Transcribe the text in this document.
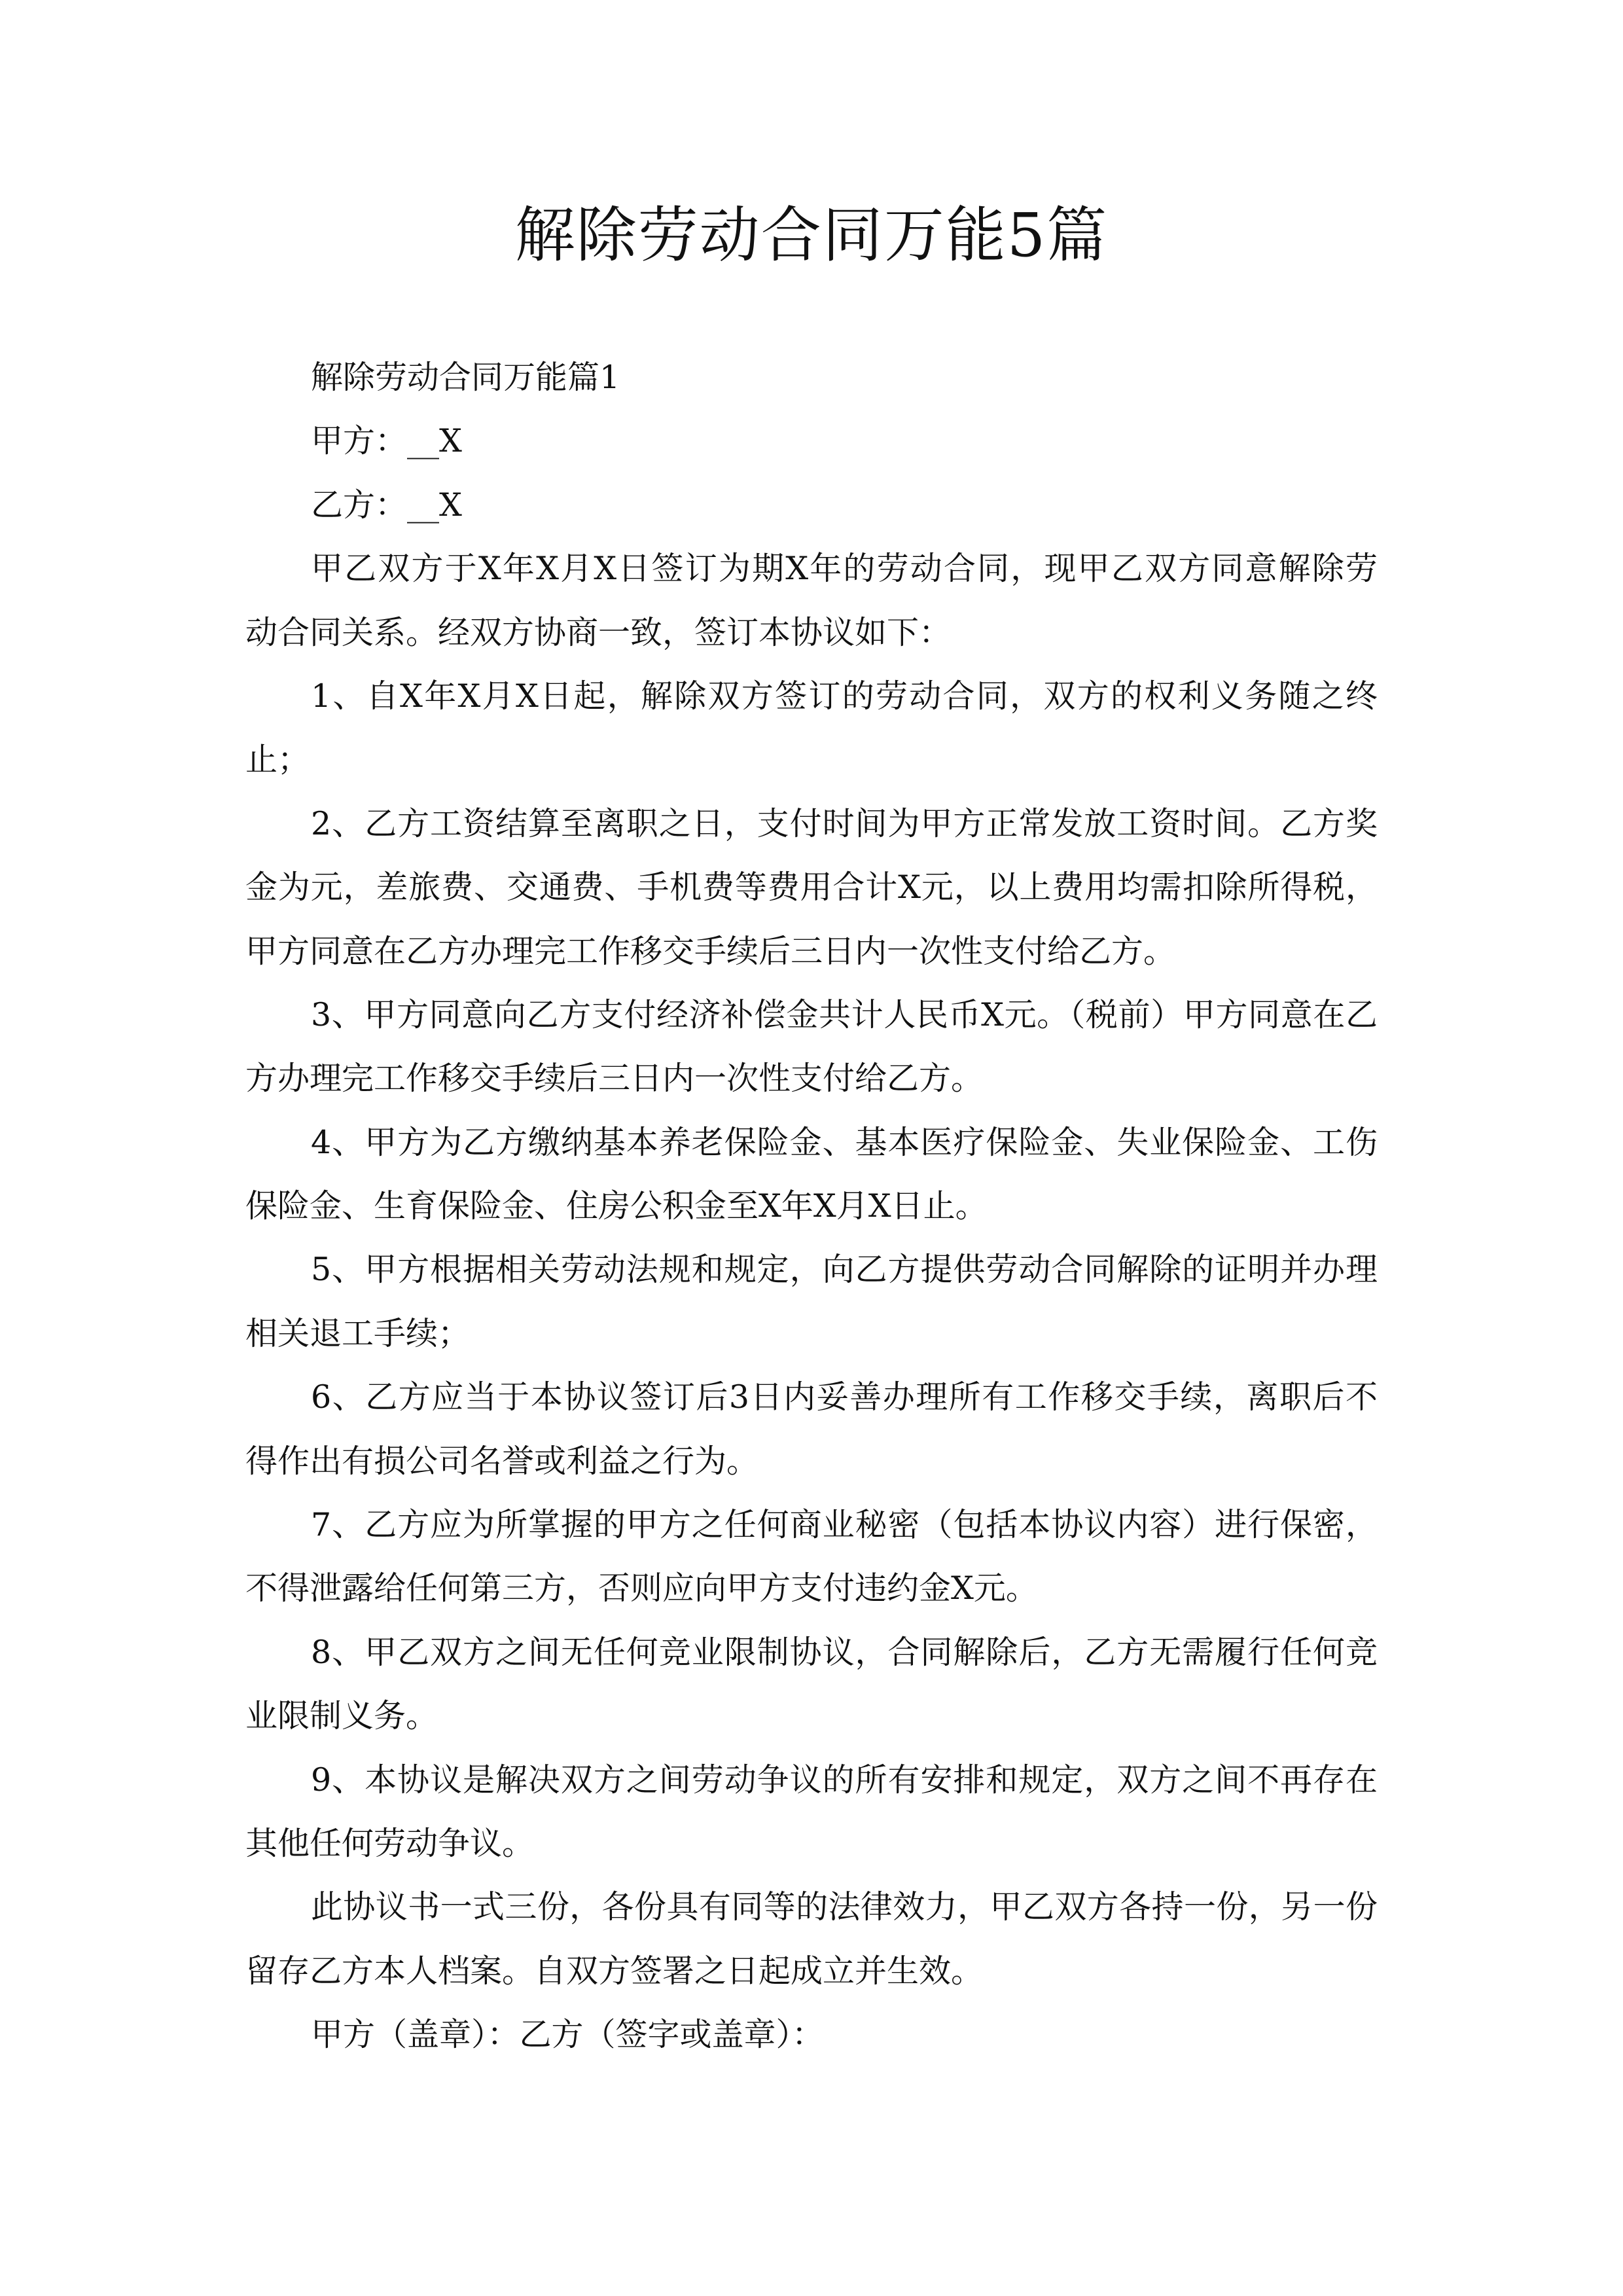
解除劳动合同万能5篇
解除劳动合同万能篇1
甲方：__X
乙方：__X
甲乙双方于X年X月X日签订为期X年的劳动合同，现甲乙双方同意解除劳
动合同关系。经双方协商一致，签订本协议如下：
1、自X年X月X日起，解除双方签订的劳动合同，双方的权利义务随之终
止；
2、乙方工资结算至离职之日，支付时间为甲方正常发放工资时间。乙方奖
金为元，差旅费、交通费、手机费等费用合计X元，以上费用均需扣除所得税，
甲方同意在乙方办理完工作移交手续后三日内一次性支付给乙方。
3、甲方同意向乙方支付经济补偿金共计人民币X元。（税前）甲方同意在乙
方办理完工作移交手续后三日内一次性支付给乙方。
4、甲方为乙方缴纳基本养老保险金、基本医疗保险金、失业保险金、工伤
保险金、生育保险金、住房公积金至X年X月X日止。
5、甲方根据相关劳动法规和规定，向乙方提供劳动合同解除的证明并办理
相关退工手续；
6、乙方应当于本协议签订后3日内妥善办理所有工作移交手续，离职后不
得作出有损公司名誉或利益之行为。
7、乙方应为所掌握的甲方之任何商业秘密（包括本协议内容）进行保密，
不得泄露给任何第三方，否则应向甲方支付违约金X元。
8、甲乙双方之间无任何竞业限制协议，合同解除后，乙方无需履行任何竞
业限制义务。
9、本协议是解决双方之间劳动争议的所有安排和规定，双方之间不再存在
其他任何劳动争议。
此协议书一式三份，各份具有同等的法律效力，甲乙双方各持一份，另一份
留存乙方本人档案。自双方签署之日起成立并生效。
甲方（盖章）：乙方（签字或盖章）：
